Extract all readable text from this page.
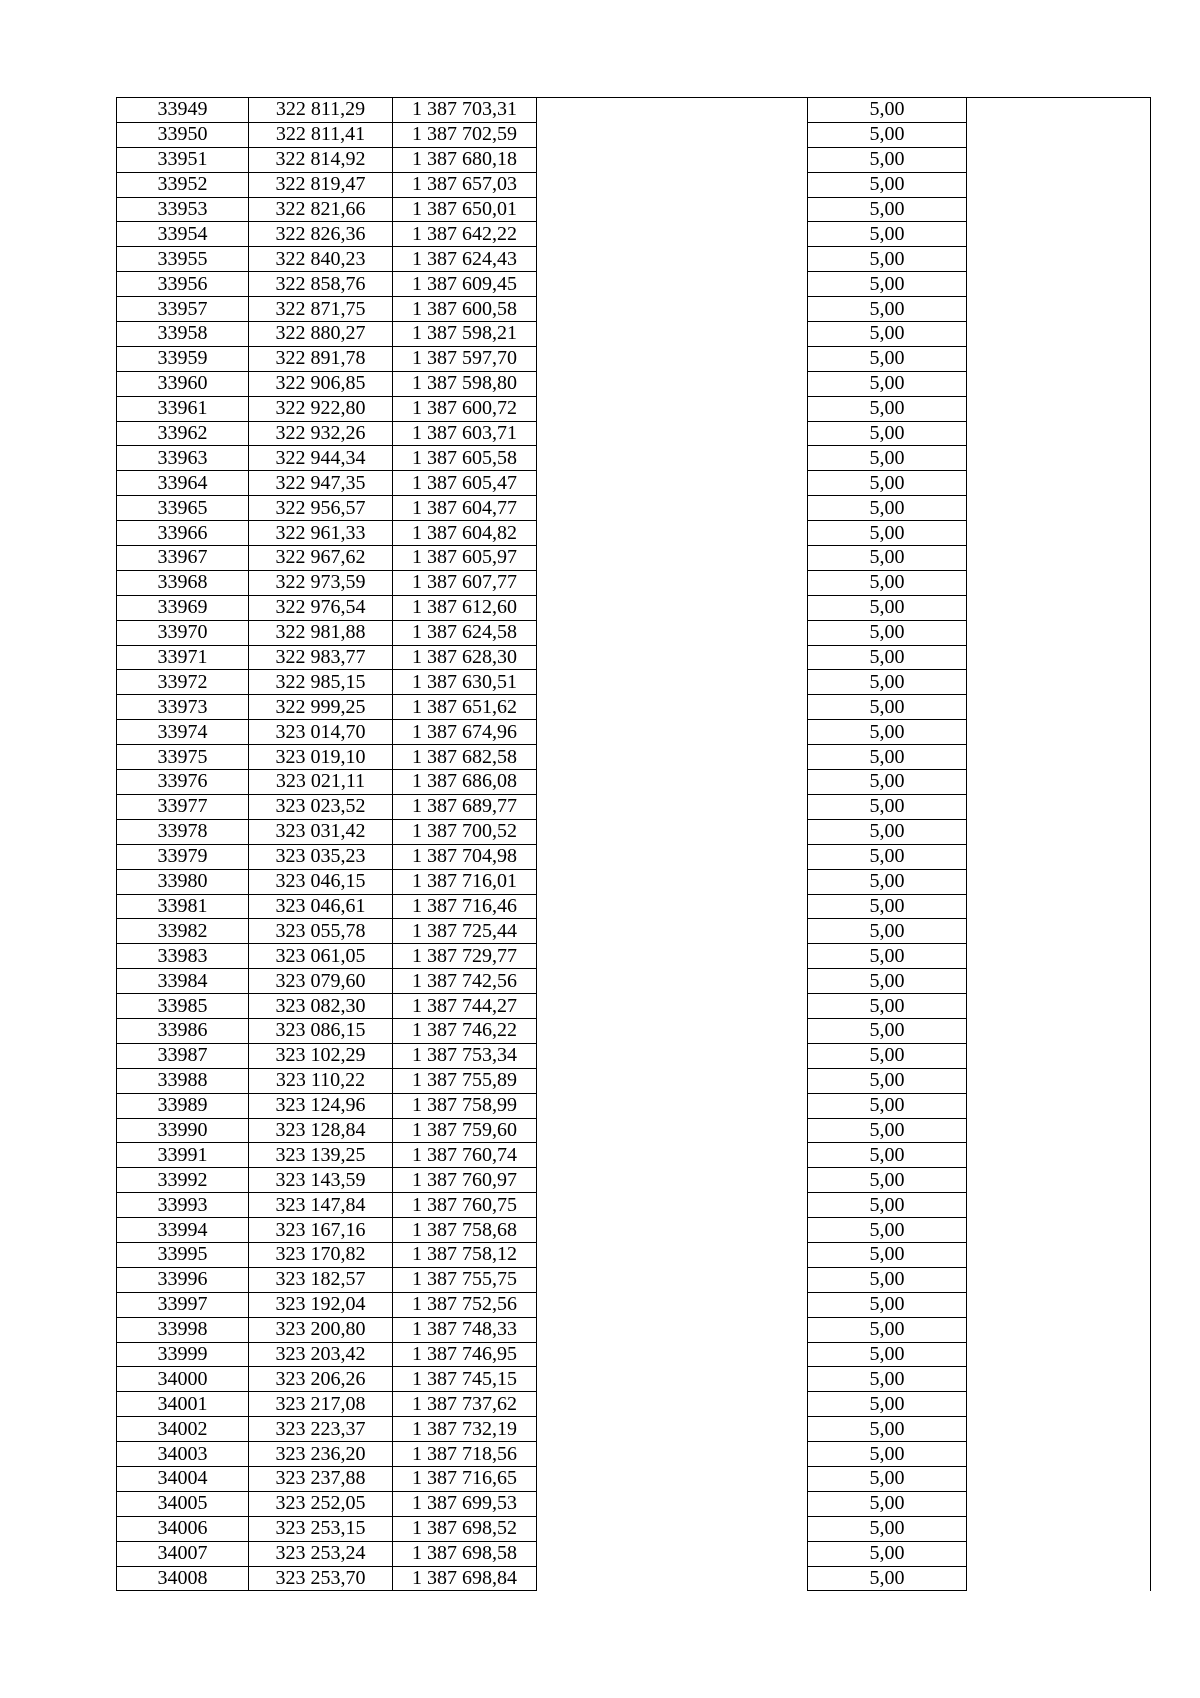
33949	322 811,29	1 387 703,31		5,00	
33950	322 811,41	1 387 702,59		5,00	
33951	322 814,92	1 387 680,18		5,00	
33952	322 819,47	1 387 657,03		5,00	
33953	322 821,66	1 387 650,01		5,00	
33954	322 826,36	1 387 642,22		5,00	
33955	322 840,23	1 387 624,43		5,00	
33956	322 858,76	1 387 609,45		5,00	
33957	322 871,75	1 387 600,58		5,00	
33958	322 880,27	1 387 598,21		5,00	
33959	322 891,78	1 387 597,70		5,00	
33960	322 906,85	1 387 598,80		5,00	
33961	322 922,80	1 387 600,72		5,00	
33962	322 932,26	1 387 603,71		5,00	
33963	322 944,34	1 387 605,58		5,00	
33964	322 947,35	1 387 605,47		5,00	
33965	322 956,57	1 387 604,77		5,00	
33966	322 961,33	1 387 604,82		5,00	
33967	322 967,62	1 387 605,97		5,00	
33968	322 973,59	1 387 607,77		5,00	
33969	322 976,54	1 387 612,60		5,00	
33970	322 981,88	1 387 624,58		5,00	
33971	322 983,77	1 387 628,30		5,00	
33972	322 985,15	1 387 630,51		5,00	
33973	322 999,25	1 387 651,62		5,00	
33974	323 014,70	1 387 674,96		5,00	
33975	323 019,10	1 387 682,58		5,00	
33976	323 021,11	1 387 686,08		5,00	
33977	323 023,52	1 387 689,77		5,00	
33978	323 031,42	1 387 700,52		5,00	
33979	323 035,23	1 387 704,98		5,00	
33980	323 046,15	1 387 716,01		5,00	
33981	323 046,61	1 387 716,46		5,00	
33982	323 055,78	1 387 725,44		5,00	
33983	323 061,05	1 387 729,77		5,00	
33984	323 079,60	1 387 742,56		5,00	
33985	323 082,30	1 387 744,27		5,00	
33986	323 086,15	1 387 746,22		5,00	
33987	323 102,29	1 387 753,34		5,00	
33988	323 110,22	1 387 755,89		5,00	
33989	323 124,96	1 387 758,99		5,00	
33990	323 128,84	1 387 759,60		5,00	
33991	323 139,25	1 387 760,74		5,00	
33992	323 143,59	1 387 760,97		5,00	
33993	323 147,84	1 387 760,75		5,00	
33994	323 167,16	1 387 758,68		5,00	
33995	323 170,82	1 387 758,12		5,00	
33996	323 182,57	1 387 755,75		5,00	
33997	323 192,04	1 387 752,56		5,00	
33998	323 200,80	1 387 748,33		5,00	
33999	323 203,42	1 387 746,95		5,00	
34000	323 206,26	1 387 745,15		5,00	
34001	323 217,08	1 387 737,62		5,00	
34002	323 223,37	1 387 732,19		5,00	
34003	323 236,20	1 387 718,56		5,00	
34004	323 237,88	1 387 716,65		5,00	
34005	323 252,05	1 387 699,53		5,00	
34006	323 253,15	1 387 698,52		5,00	
34007	323 253,24	1 387 698,58		5,00	
34008	323 253,70	1 387 698,84		5,00	
